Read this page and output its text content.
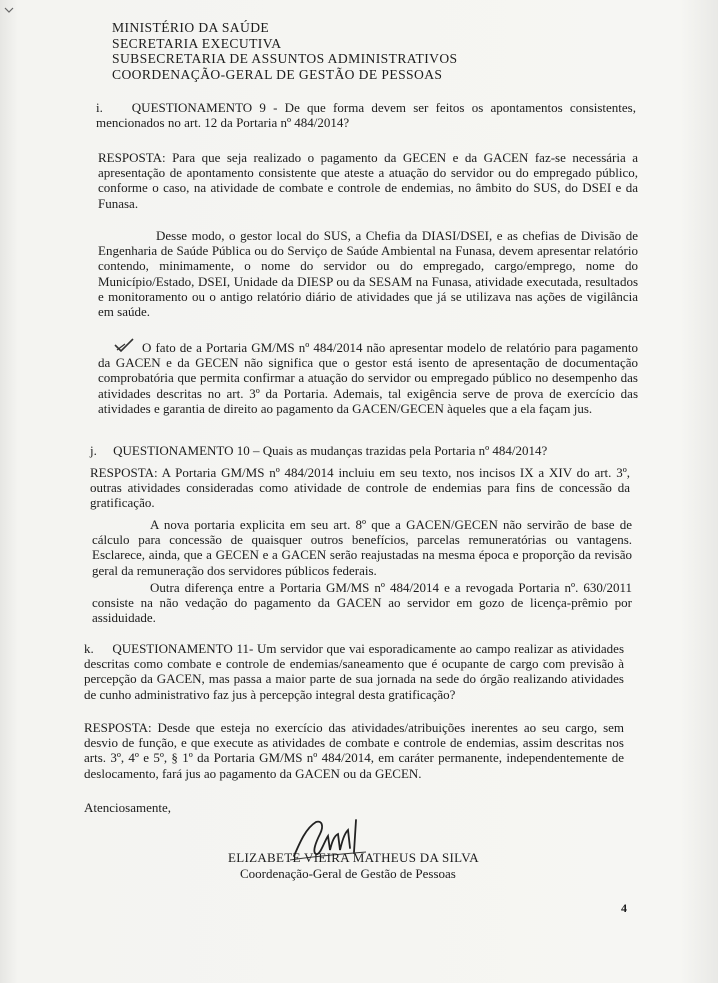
MINISTÉRIO DA SAÚDE
SECRETARIA EXECUTIVA
SUBSECRETARIA DE ASSUNTOS ADMINISTRATIVOS
COORDENAÇÃO-GERAL DE GESTÃO DE PESSOAS

i. QUESTIONAMENTO 9 - De que forma devem ser feitos os apontamentos consistentes, mencionados no art. 12 da Portaria nº 484/2014?

RESPOSTA: Para que seja realizado o pagamento da GECEN e da GACEN faz-se necessária a apresentação de apontamento consistente que ateste a atuação do servidor ou do empregado público, conforme o caso, na atividade de combate e controle de endemias, no âmbito do SUS, do DSEI e da Funasa.

Desse modo, o gestor local do SUS, a Chefia da DIASI/DSEI, e as chefias de Divisão de Engenharia de Saúde Pública ou do Serviço de Saúde Ambiental na Funasa, devem apresentar relatório contendo, minimamente, o nome do servidor ou do empregado, cargo/emprego, nome do Município/Estado, DSEI, Unidade da DIESP ou da SESAM na Funasa, atividade executada, resultados e monitoramento ou o antigo relatório diário de atividades que já se utilizava nas ações de vigilância em saúde.

O fato de a Portaria GM/MS nº 484/2014 não apresentar modelo de relatório para pagamento da GACEN e da GECEN não significa que o gestor está isento de apresentação de documentação comprobatória que permita confirmar a atuação do servidor ou empregado público no desempenho das atividades descritas no art. 3º da Portaria. Ademais, tal exigência serve de prova de exercício das atividades e garantia de direito ao pagamento da GACEN/GECEN àqueles que a ela façam jus.

j. QUESTIONAMENTO 10 – Quais as mudanças trazidas pela Portaria nº 484/2014?

RESPOSTA: A Portaria GM/MS nº 484/2014 incluiu em seu texto, nos incisos IX a XIV do art. 3º, outras atividades consideradas como atividade de controle de endemias para fins de concessão da gratificação.

A nova portaria explicita em seu art. 8º que a GACEN/GECEN não servirão de base de cálculo para concessão de quaisquer outros benefícios, parcelas remuneratórias ou vantagens. Esclarece, ainda, que a GECEN e a GACEN serão reajustadas na mesma época e proporção da revisão geral da remuneração dos servidores públicos federais.

Outra diferença entre a Portaria GM/MS nº 484/2014 e a revogada Portaria nº. 630/2011 consiste na não vedação do pagamento da GACEN ao servidor em gozo de licença-prêmio por assiduidade.

k. QUESTIONAMENTO 11- Um servidor que vai esporadicamente ao campo realizar as atividades descritas como combate e controle de endemias/saneamento que é ocupante de cargo com previsão à percepção da GACEN, mas passa a maior parte de sua jornada na sede do órgão realizando atividades de cunho administrativo faz jus à percepção integral desta gratificação?

RESPOSTA: Desde que esteja no exercício das atividades/atribuições inerentes ao seu cargo, sem desvio de função, e que execute as atividades de combate e controle de endemias, assim descritas nos arts. 3º, 4º e 5º, § 1º da Portaria GM/MS nº 484/2014, em caráter permanente, independentemente de deslocamento, fará jus ao pagamento da GACEN ou da GECEN.

Atenciosamente,

ELIZABETE VIEIRA MATHEUS DA SILVA
Coordenação-Geral de Gestão de Pessoas
4
